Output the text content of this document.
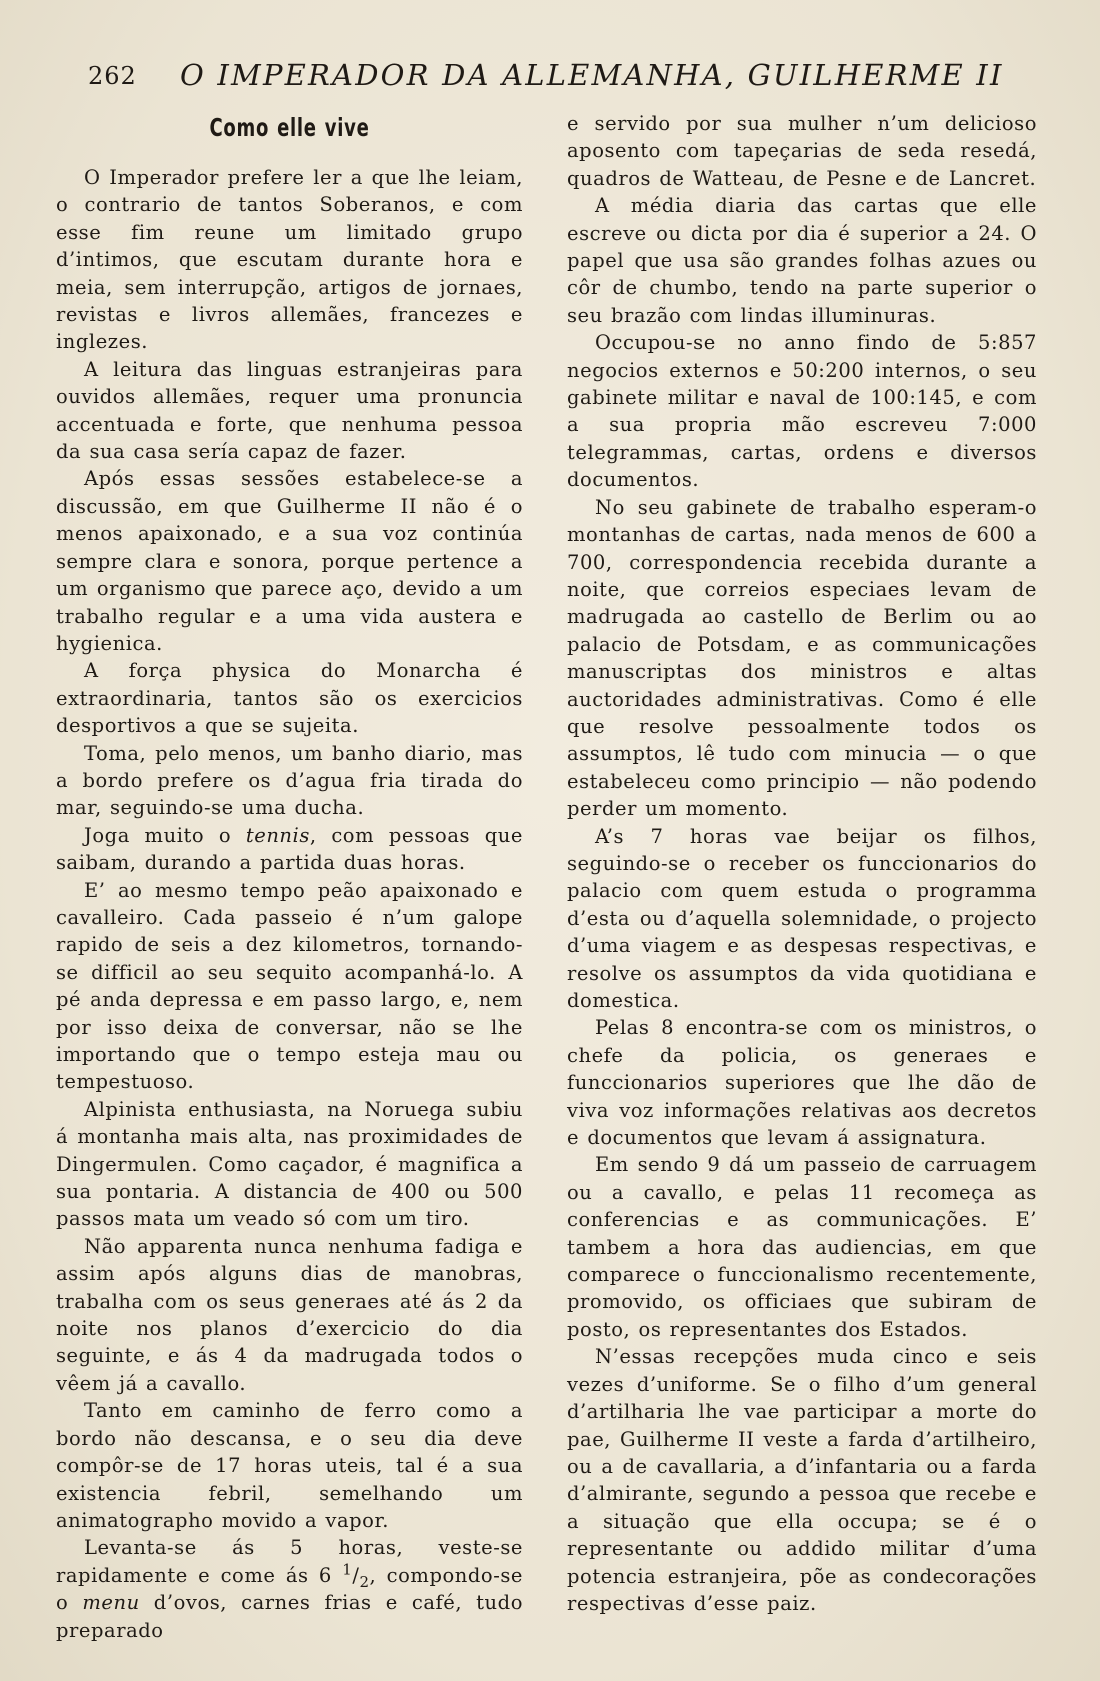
262 O IMPERADOR DA ALLEMANHA, GUILHERME II
Como elle vive

O Imperador prefere ler a que lhe leiam, o contrario de tantos Soberanos, e com esse fim reune um limitado grupo d’intimos, que escutam durante hora e meia, sem interrupção, artigos de jornaes, revistas e livros allemães, francezes e inglezes.

A leitura das linguas estranjeiras para ouvidos allemães, requer uma pronuncia accentuada e forte, que nenhuma pessoa da sua casa sería capaz de fazer.

Após essas sessões estabelece-se a discussão, em que Guilherme II não é o menos apaixonado, e a sua voz continúa sempre clara e sonora, porque pertence a um organismo que parece aço, devido a um trabalho regular e a uma vida austera e hygienica.

A força physica do Monarcha é extraordinaria, tantos são os exercicios desportivos a que se sujeita.

Toma, pelo menos, um banho diario, mas a bordo prefere os d’agua fria tirada do mar, seguindo-se uma ducha.

Joga muito o tennis, com pessoas que saibam, durando a partida duas horas.

E’ ao mesmo tempo peão apaixonado e cavalleiro. Cada passeio é n’um galope rapido de seis a dez kilometros, tornando-se difficil ao seu sequito acompanhá-lo. A pé anda depressa e em passo largo, e, nem por isso deixa de conversar, não se lhe importando que o tempo esteja mau ou tempestuoso.

Alpinista enthusiasta, na Noruega subiu á montanha mais alta, nas proximidades de Dingermulen. Como caçador, é magnifica a sua pontaria. A distancia de 400 ou 500 passos mata um veado só com um tiro.

Não apparenta nunca nenhuma fadiga e assim após alguns dias de manobras, trabalha com os seus generaes até ás 2 da noite nos planos d’exercicio do dia seguinte, e ás 4 da madrugada todos o vêem já a cavallo.

Tanto em caminho de ferro como a bordo não descansa, e o seu dia deve compôr-se de 17 horas uteis, tal é a sua existencia febril, semelhando um animatographo movido a vapor.

Levanta-se ás 5 horas, veste-se rapidamente e come ás 6 $^1/_2$, compondo-se o menu d’ovos, carnes frias e café, tudo preparado

e servido por sua mulher n’um delicioso aposento com tapeçarias de seda resedá, quadros de Watteau, de Pesne e de Lancret.

A média diaria das cartas que elle escreve ou dicta por dia é superior a 24. O papel que usa são grandes folhas azues ou côr de chumbo, tendo na parte superior o seu brazão com lindas illuminuras.

Occupou-se no anno findo de 5:857 negocios externos e 50:200 internos, o seu gabinete militar e naval de 100:145, e com a sua propria mão escreveu 7:000 telegrammas, cartas, ordens e diversos documentos.

No seu gabinete de trabalho esperam-o montanhas de cartas, nada menos de 600 a 700, correspondencia recebida durante a noite, que correios especiaes levam de madrugada ao castello de Berlim ou ao palacio de Potsdam, e as communicações manuscriptas dos ministros e altas auctoridades administrativas. Como é elle que resolve pessoalmente todos os assumptos, lê tudo com minucia — o que estabeleceu como principio — não podendo perder um momento.

A’s 7 horas vae beijar os filhos, seguindo-se o receber os funccionarios do palacio com quem estuda o programma d’esta ou d’aquella solemnidade, o projecto d’uma viagem e as despesas respectivas, e resolve os assumptos da vida quotidiana e domestica.

Pelas 8 encontra-se com os ministros, o chefe da policia, os generaes e funccionarios superiores que lhe dão de viva voz informações relativas aos decretos e documentos que levam á assignatura.

Em sendo 9 dá um passeio de carruagem ou a cavallo, e pelas 11 recomeça as conferencias e as communicações. E’ tambem a hora das audiencias, em que comparece o funccionalismo recentemente, promovido, os officiaes que subiram de posto, os representantes dos Estados.

N’essas recepções muda cinco e seis vezes d’uniforme. Se o filho d’um general d’artilharia lhe vae participar a morte do pae, Guilherme II veste a farda d’artilheiro, ou a de cavallaria, a d’infantaria ou a farda d’almirante, segundo a pessoa que recebe e a situação que ella occupa; se é o representante ou addido militar d’uma potencia estranjeira, põe as condecorações respectivas d’esse paiz.
